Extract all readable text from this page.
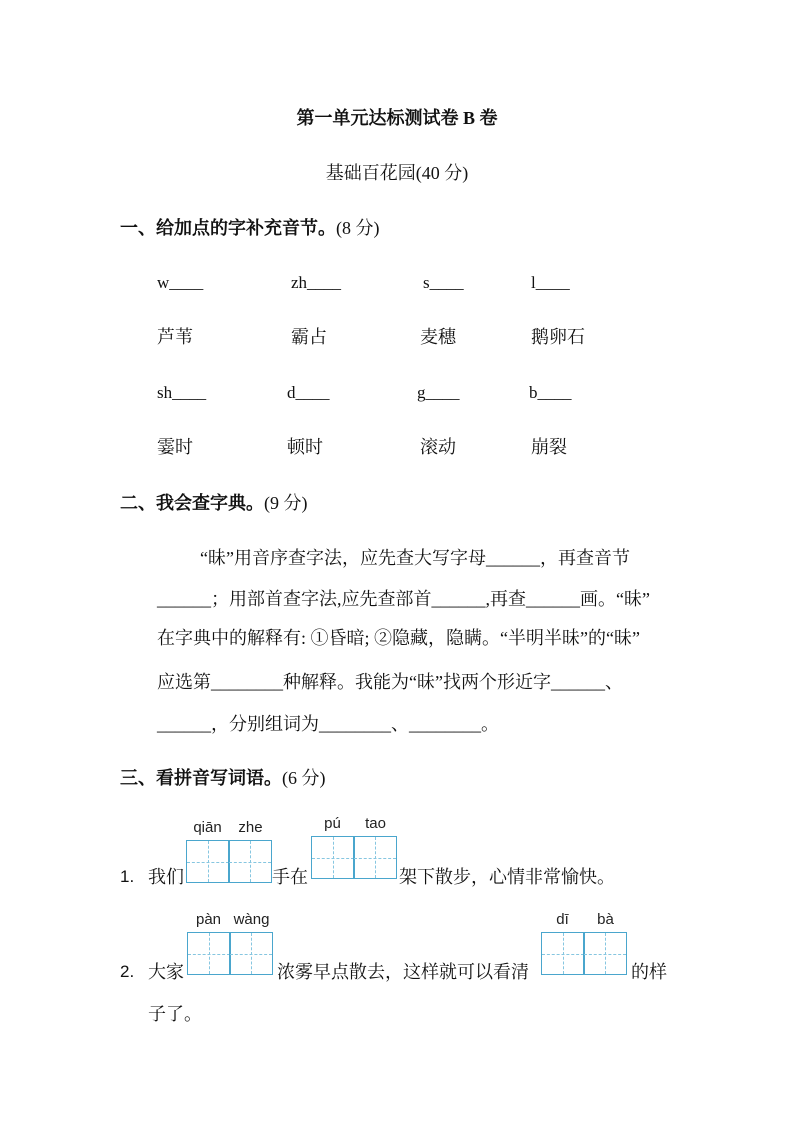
第一单元达标测试卷 B 卷
基础百花园(40 分)
一、给加点的字补充音节。(8 分)
w____	zh____	s____	l____
芦苇	霸占	麦穗	鹅卵石
sh____	d____	g____	b____
霎时	顿时	滚动	崩裂
二、我会查字典。(9 分)
“昧”用音序查字法，应先查大写字母______，再查音节
______；用部首查字法,应先查部首______,再查______画。“昧”
在字典中的解释有: ①昏暗; ②隐藏，隐瞒。“半明半昧”的“昧”
应选第________种解释。我能为“昧”找两个形近字______、
______，分别组词为________、________。
三、看拼音写词语。(6 分)
1. 我们
qiān	zhe
手在
pú	tao
架下散步，心情非常愉快。
2. 大家
pàn wàng
浓雾早点散去，这样就可以看清
dī	bà
的样
子了。
